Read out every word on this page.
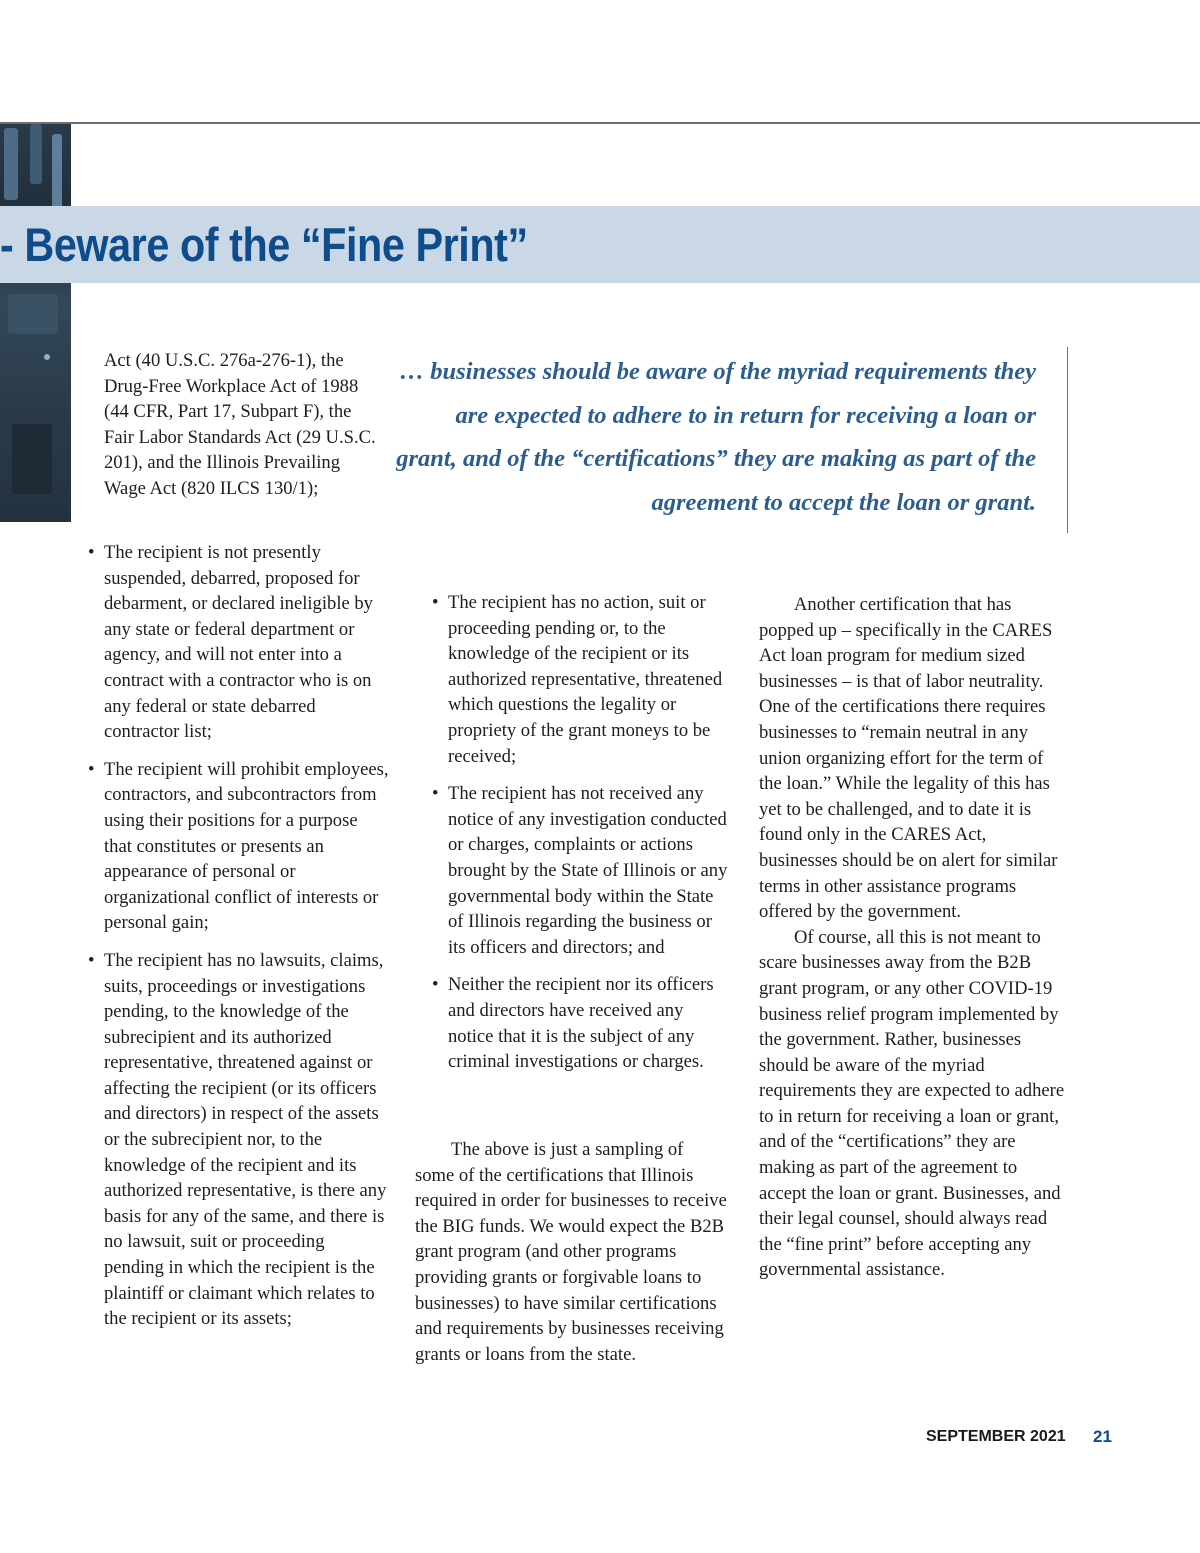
- Beware of the “Fine Print”
Act (40 U.S.C. 276a-276-1), the Drug-Free Workplace Act of 1988 (44 CFR, Part 17, Subpart F), the Fair Labor Standards Act (29 U.S.C. 201), and the Illinois Prevailing Wage Act (820 ILCS 130/1);
• The recipient is not presently suspended, debarred, proposed for debarment, or declared ineligible by any state or federal department or agency, and will not enter into a contract with a contractor who is on any federal or state debarred contractor list;
• The recipient will prohibit employees, contractors, and subcontractors from using their positions for a purpose that constitutes or presents an appearance of personal or organizational conflict of interests or personal gain;
• The recipient has no lawsuits, claims, suits, proceedings or investigations pending, to the knowledge of the subrecipient and its authorized representative, threatened against or affecting the recipient (or its officers and directors) in respect of the assets or the subrecipient nor, to the knowledge of the recipient and its authorized representative, is there any basis for any of the same, and there is no lawsuit, suit or proceeding pending in which the recipient is the plaintiff or claimant which relates to the recipient or its assets;
… businesses should be aware of the myriad requirements they are expected to adhere to in return for receiving a loan or grant, and of the “certifications” they are making as part of the agreement to accept the loan or grant.
• The recipient has no action, suit or proceeding pending or, to the knowledge of the recipient or its authorized representative, threatened which questions the legality or propriety of the grant moneys to be received;
• The recipient has not received any notice of any investigation conducted or charges, complaints or actions brought by the State of Illinois or any governmental body within the State of Illinois regarding the business or its officers and directors; and
• Neither the recipient nor its officers and directors have received any notice that it is the subject of any criminal investigations or charges.

The above is just a sampling of some of the certifications that Illinois required in order for businesses to receive the BIG funds. We would expect the B2B grant program (and other programs providing grants or forgivable loans to businesses) to have similar certifications and requirements by businesses receiving grants or loans from the state.

Another certification that has popped up – specifically in the CARES Act loan program for medium sized businesses – is that of labor neutrality. One of the certifications there requires businesses to “remain neutral in any union organizing effort for the term of the loan.” While the legality of this has yet to be challenged, and to date it is found only in the CARES Act, businesses should be on alert for similar terms in other assistance programs offered by the government.

Of course, all this is not meant to scare businesses away from the B2B grant program, or any other COVID-19 business relief program implemented by the government. Rather, businesses should be aware of the myriad requirements they are expected to adhere to in return for receiving a loan or grant, and of the “certifications” they are making as part of the agreement to accept the loan or grant. Businesses, and their legal counsel, should always read the “fine print” before accepting any governmental assistance.

SEPTEMBER 2021 21
